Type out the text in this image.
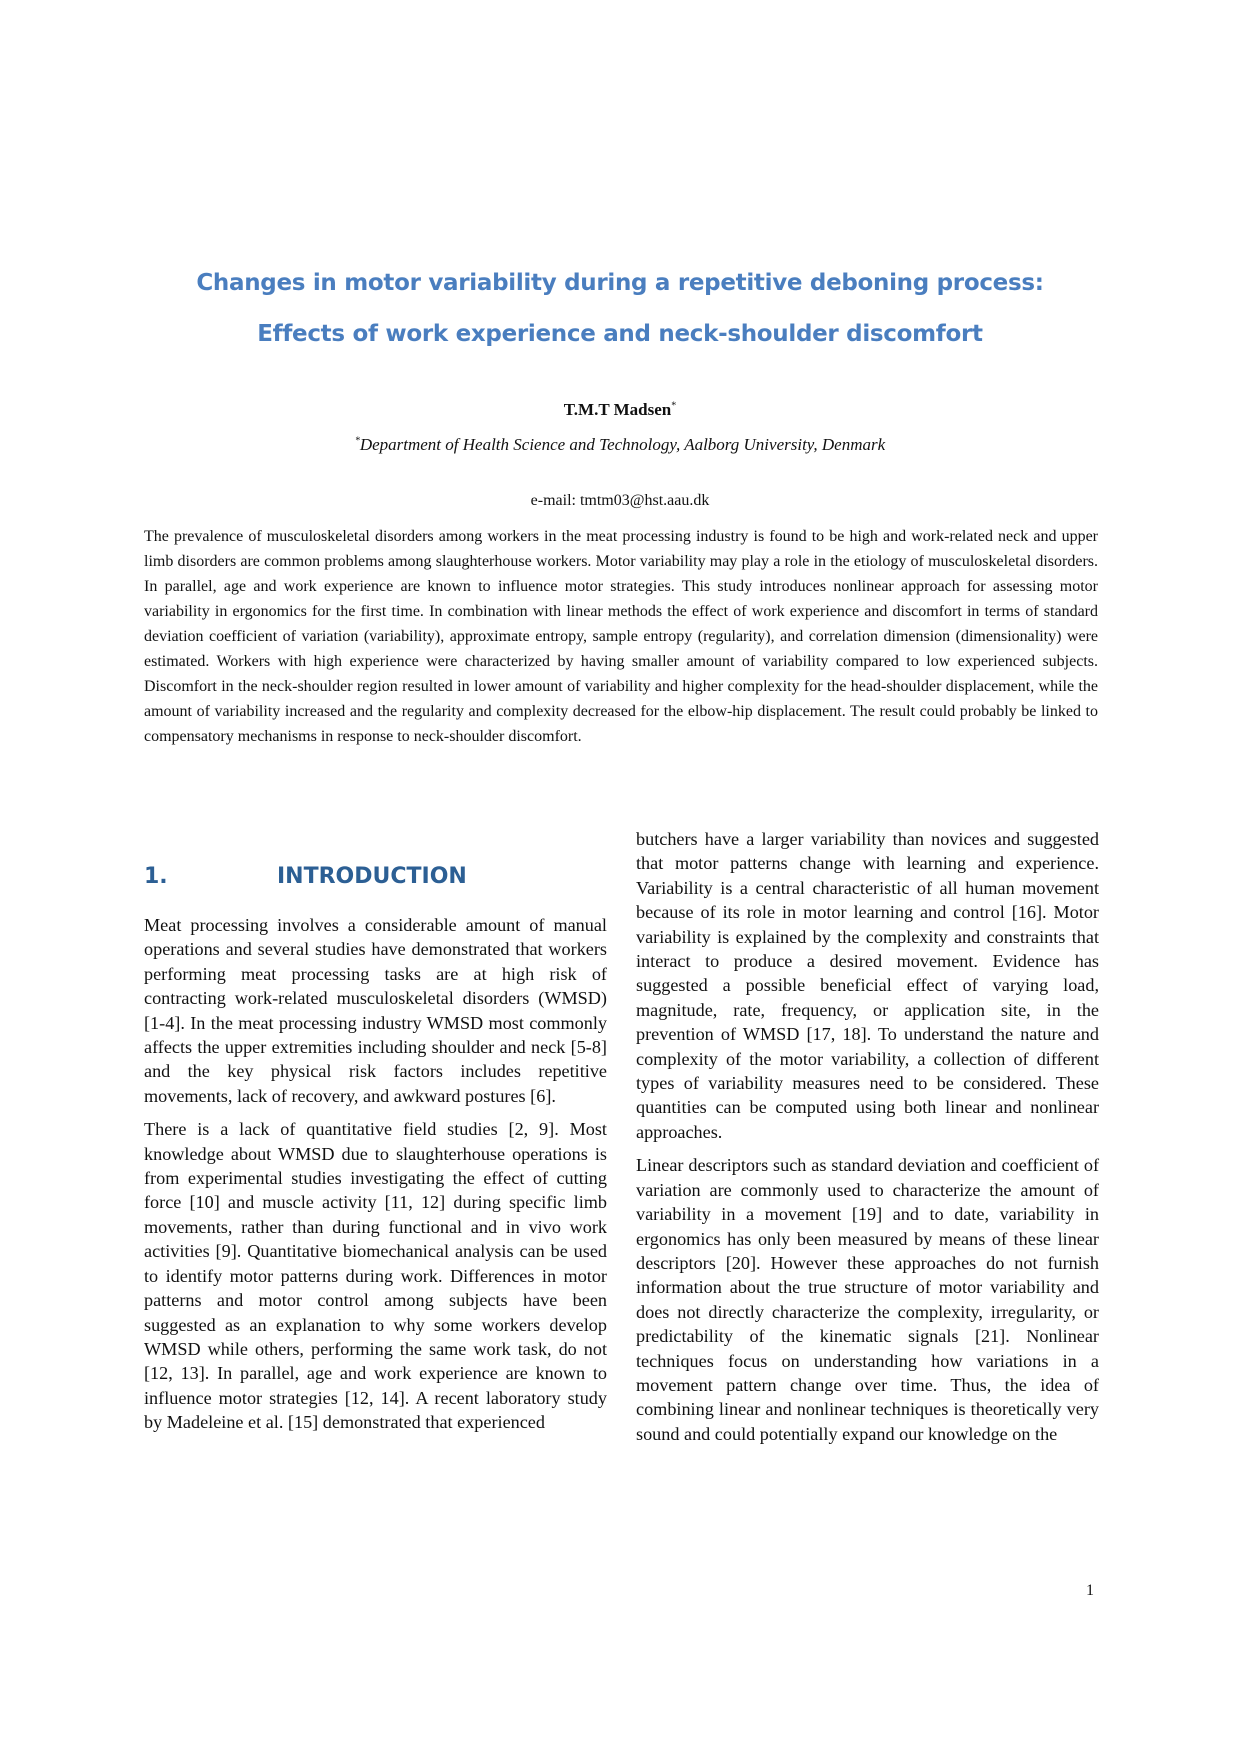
Changes in motor variability during a repetitive deboning process:
Effects of work experience and neck-shoulder discomfort
T.M.T Madsen*
*Department of Health Science and Technology, Aalborg University, Denmark
e-mail: tmtm03@hst.aau.dk
The prevalence of musculoskeletal disorders among workers in the meat processing industry is found to be high and work-related neck and upper limb disorders are common problems among slaughterhouse workers. Motor variability may play a role in the etiology of musculoskeletal disorders. In parallel, age and work experience are known to influence motor strategies. This study introduces nonlinear approach for assessing motor variability in ergonomics for the first time. In combination with linear methods the effect of work experience and discomfort in terms of standard deviation coefficient of variation (variability), approximate entropy, sample entropy (regularity), and correlation dimension (dimensionality) were estimated. Workers with high experience were characterized by having smaller amount of variability compared to low experienced subjects. Discomfort in the neck-shoulder region resulted in lower amount of variability and higher complexity for the head-shoulder displacement, while the amount of variability increased and the regularity and complexity decreased for the elbow-hip displacement. The result could probably be linked to compensatory mechanisms in response to neck-shoulder discomfort.
1.	INTRODUCTION

Meat processing involves a considerable amount of manual operations and several studies have demonstrated that workers performing meat processing tasks are at high risk of contracting work-related musculoskeletal disorders (WMSD) [1-4]. In the meat processing industry WMSD most commonly affects the upper extremities including shoulder and neck [5-8] and the key physical risk factors includes repetitive movements, lack of recovery, and awkward postures [6].

There is a lack of quantitative field studies [2, 9]. Most knowledge about WMSD due to slaughterhouse operations is from experimental studies investigating the effect of cutting force [10] and muscle activity [11, 12] during specific limb movements, rather than during functional and in vivo work activities [9]. Quantitative biomechanical analysis can be used to identify motor patterns during work. Differences in motor patterns and motor control among subjects have been suggested as an explanation to why some workers develop WMSD while others, performing the same work task, do not [12, 13]. In parallel, age and work experience are known to influence motor strategies [12, 14]. A recent laboratory study by Madeleine et al. [15] demonstrated that experienced

butchers have a larger variability than novices and suggested that motor patterns change with learning and experience. Variability is a central characteristic of all human movement because of its role in motor learning and control [16]. Motor variability is explained by the complexity and constraints that interact to produce a desired movement. Evidence has suggested a possible beneficial effect of varying load, magnitude, rate, frequency, or application site, in the prevention of WMSD [17, 18]. To understand the nature and complexity of the motor variability, a collection of different types of variability measures need to be considered. These quantities can be computed using both linear and nonlinear approaches.

Linear descriptors such as standard deviation and coefficient of variation are commonly used to characterize the amount of variability in a movement [19] and to date, variability in ergonomics has only been measured by means of these linear descriptors [20]. However these approaches do not furnish information about the true structure of motor variability and does not directly characterize the complexity, irregularity, or predictability of the kinematic signals [21]. Nonlinear techniques focus on understanding how variations in a movement pattern change over time. Thus, the idea of combining linear and nonlinear techniques is theoretically very sound and could potentially expand our knowledge on the

1
